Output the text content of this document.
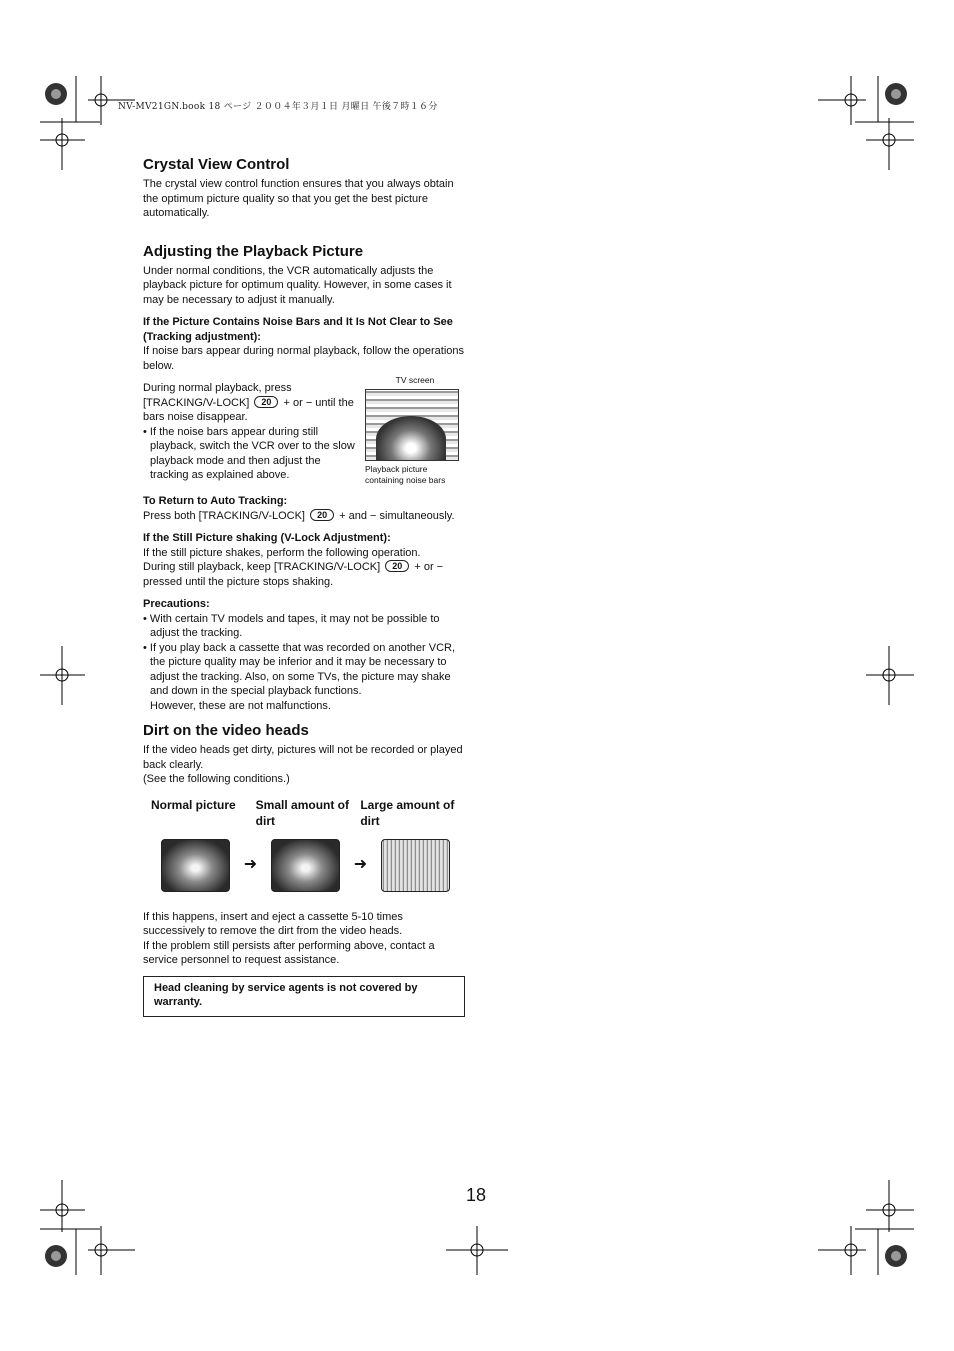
NV-MV21GN.book 18 ページ ２００４年３月１日 月曜日 午後７時１６分
Crystal View Control

The crystal view control function ensures that you always obtain the optimum picture quality so that you get the best picture automatically.

Adjusting the Playback Picture

Under normal conditions, the VCR automatically adjusts the playback picture for optimum quality. However, in some cases it may be necessary to adjust it manually.

If the Picture Contains Noise Bars and It Is Not Clear to See (Tracking adjustment):

If noise bars appear during normal playback, follow the operations below.

During normal playback, press [TRACKING/V-LOCK] 20 + or − until the bars noise disappear.

• If the noise bars appear during still playback, switch the VCR over to the slow playback mode and then adjust the tracking as explained above.

TV screen
Playback picture containing noise bars

To Return to Auto Tracking:

Press both [TRACKING/V-LOCK] 20 + and − simultaneously.

If the Still Picture shaking (V-Lock Adjustment):

If the still picture shakes, perform the following operation.

During still playback, keep [TRACKING/V-LOCK] 20 + or − pressed until the picture stops shaking.

Precautions:

• With certain TV models and tapes, it may not be possible to adjust the tracking.

• If you play back a cassette that was recorded on another VCR, the picture quality may be inferior and it may be necessary to adjust the tracking. Also, on some TVs, the picture may shake and down in the special playback functions.

However, these are not malfunctions.

Dirt on the video heads

If the video heads get dirty, pictures will not be recorded or played back clearly.

(See the following conditions.)

Normal picture	Small amount of dirt
Large amount of dirt
➜	➜

If this happens, insert and eject a cassette 5-10 times successively to remove the dirt from the video heads.

If the problem still persists after performing above, contact a service personnel to request assistance.

Head cleaning by service agents is not covered by warranty.
18
